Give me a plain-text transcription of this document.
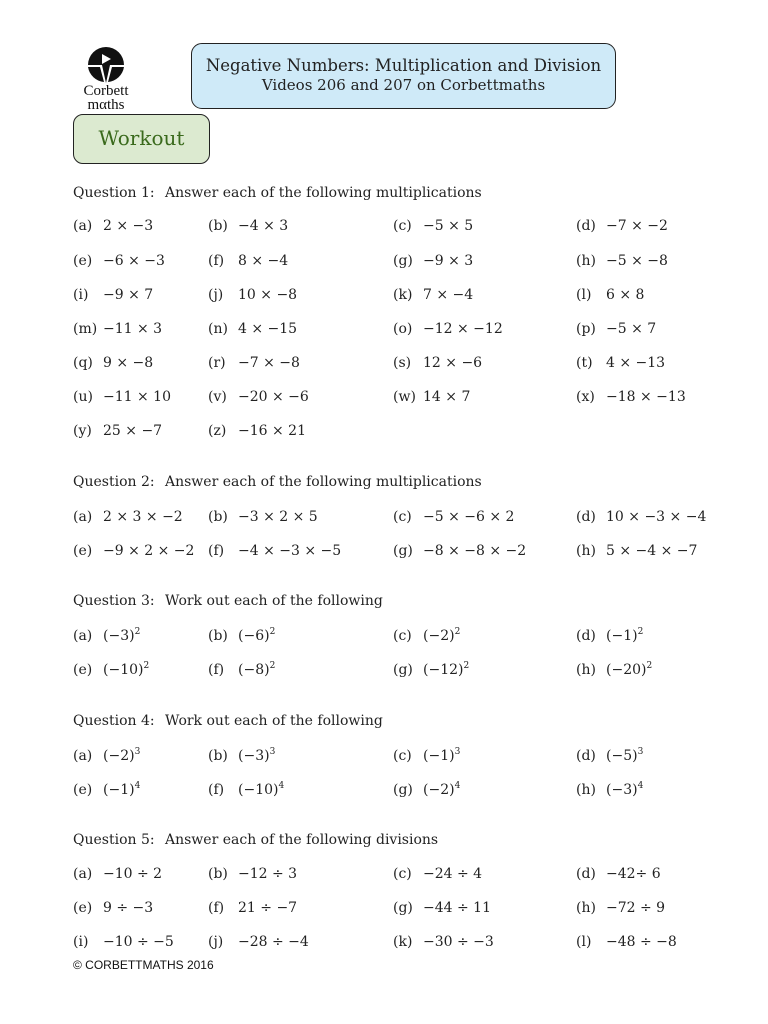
Corbett
mαths
Negative Numbers: Multiplication and Division
Videos 206 and 207 on Corbettmaths
Workout
Question 1: Answer each of the following multiplications
(a) 2 × −3	(b) −4 × 3	(c) −5 × 5	(d) −7 × −2
(e) −6 × −3	(f) 8 × −4	(g) −9 × 3	(h) −5 × −8
(i) −9 × 7	(j) 10 × −8	(k) 7 × −4	(l) 6 × 8
(m) −11 × 3	(n) 4 × −15	(o) −12 × −12	(p) −5 × 7
(q) 9 × −8	(r) −7 × −8	(s) 12 × −6	(t) 4 × −13
(u) −11 × 10	(v) −20 × −6	(w) 14 × 7	(x) −18 × −13
(y) 25 × −7	(z) −16 × 21
Question 2: Answer each of the following multiplications
(a) 2 × 3 × −2 (b) −3 × 2 × 5	(c) −5 × −6 × 2	(d) 10 × −3 × −4
(e) −9 × 2 × −2 (f) −4 × −3 × −5	(g) −8 × −8 × −2	(h) 5 × −4 × −7
Question 3: Work out each of the following
(a) $(-3)^2$	(b) $(-6)^2$	(c) $(-2)^2$	(d) $(-1)^2$
(e) $(-10)^2$	(f) $(-8)^2$	(g) $(-12)^2$	(h) $(-20)^2$
Question 4: Work out each of the following
(a) $(-2)^3$	(b) $(-3)^3$	(c) $(-1)^3$	(d) $(-5)^3$
(e) $(-1)^4$	(f) $(-10)^4$	(g) $(-2)^4$	(h) $(-3)^4$
Question 5: Answer each of the following divisions
(a) −10 ÷ 2	(b) −12 ÷ 3	(c) −24 ÷ 4	(d) −42÷ 6
(e) 9 ÷ −3	(f) 21 ÷ −7	(g) −44 ÷ 11	(h) −72 ÷ 9
(i) −10 ÷ −5 (j) −28 ÷ −4	(k) −30 ÷ −3	(l) −48 ÷ −8
© CORBETTMATHS 2016
